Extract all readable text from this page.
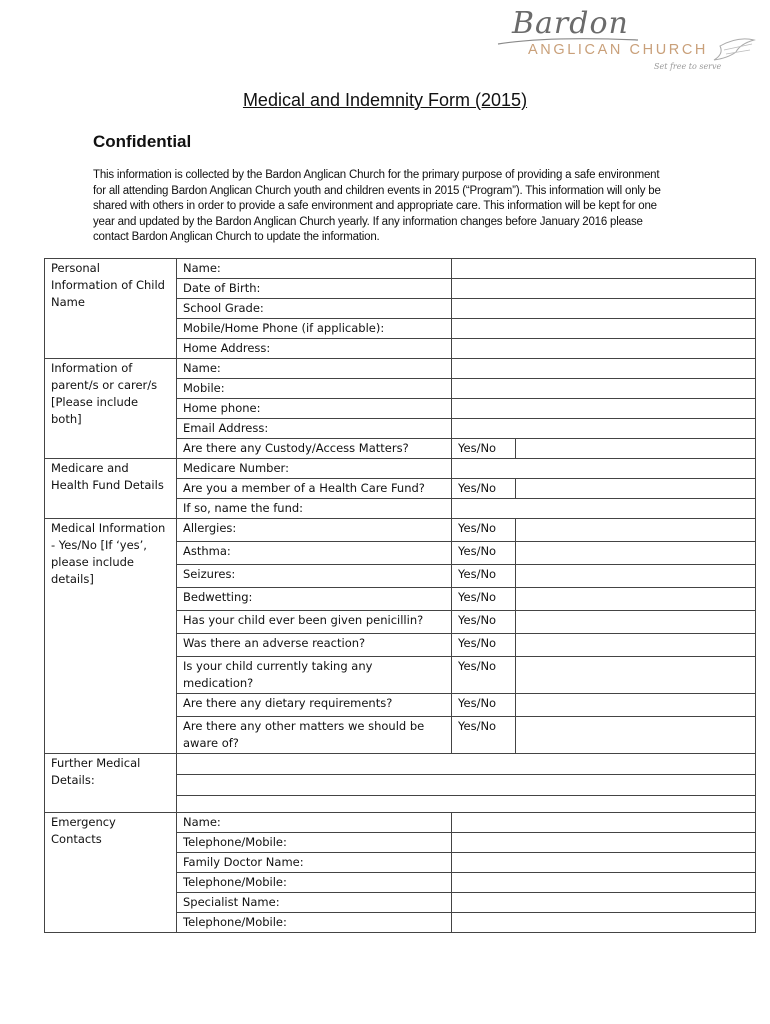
Bardon
ANGLICAN CHURCH
Set free to serve
Medical and Indemnity Form (2015)
Confidential
This information is collected by the Bardon Anglican Church for the primary purpose of providing a safe environment for all attending Bardon Anglican Church youth and children events in 2015 (“Program”). This information will only be shared with others in order to provide a safe environment and appropriate care. This information will be kept for one year and updated by the Bardon Anglican Church yearly. If any information changes before January 2016 please contact Bardon Anglican Church to update the information.
Personal Information of Child Name	Name:		
	Date of Birth:		
	School Grade:		
	Mobile/Home Phone (if applicable):		
	Home Address:		
Information of parent/s or carer/s [Please include both]	Name:		
	Mobile:		
	Home phone:		
	Email Address:		
	Are there any Custody/Access Matters?	Yes/No	
Medicare and Health Fund Details	Medicare Number:		
	Are you a member of a Health Care Fund?	Yes/No	
	If so, name the fund:		
Medical Information - Yes/No [If ‘yes’, please include details]	Allergies:	Yes/No	
	Asthma:	Yes/No	
	Seizures:	Yes/No	
	Bedwetting:	Yes/No	
	Has your child ever been given penicillin?	Yes/No	
	Was there an adverse reaction?	Yes/No	
	Is your child currently taking any medication?	Yes/No	
	Are there any dietary requirements?	Yes/No	
	Are there any other matters we should be aware of?	Yes/No	
Further Medical Details:			

Emergency Contacts	Name:		
	Telephone/Mobile:		
	Family Doctor Name:		
	Telephone/Mobile:		
	Specialist Name:		
	Telephone/Mobile:		
